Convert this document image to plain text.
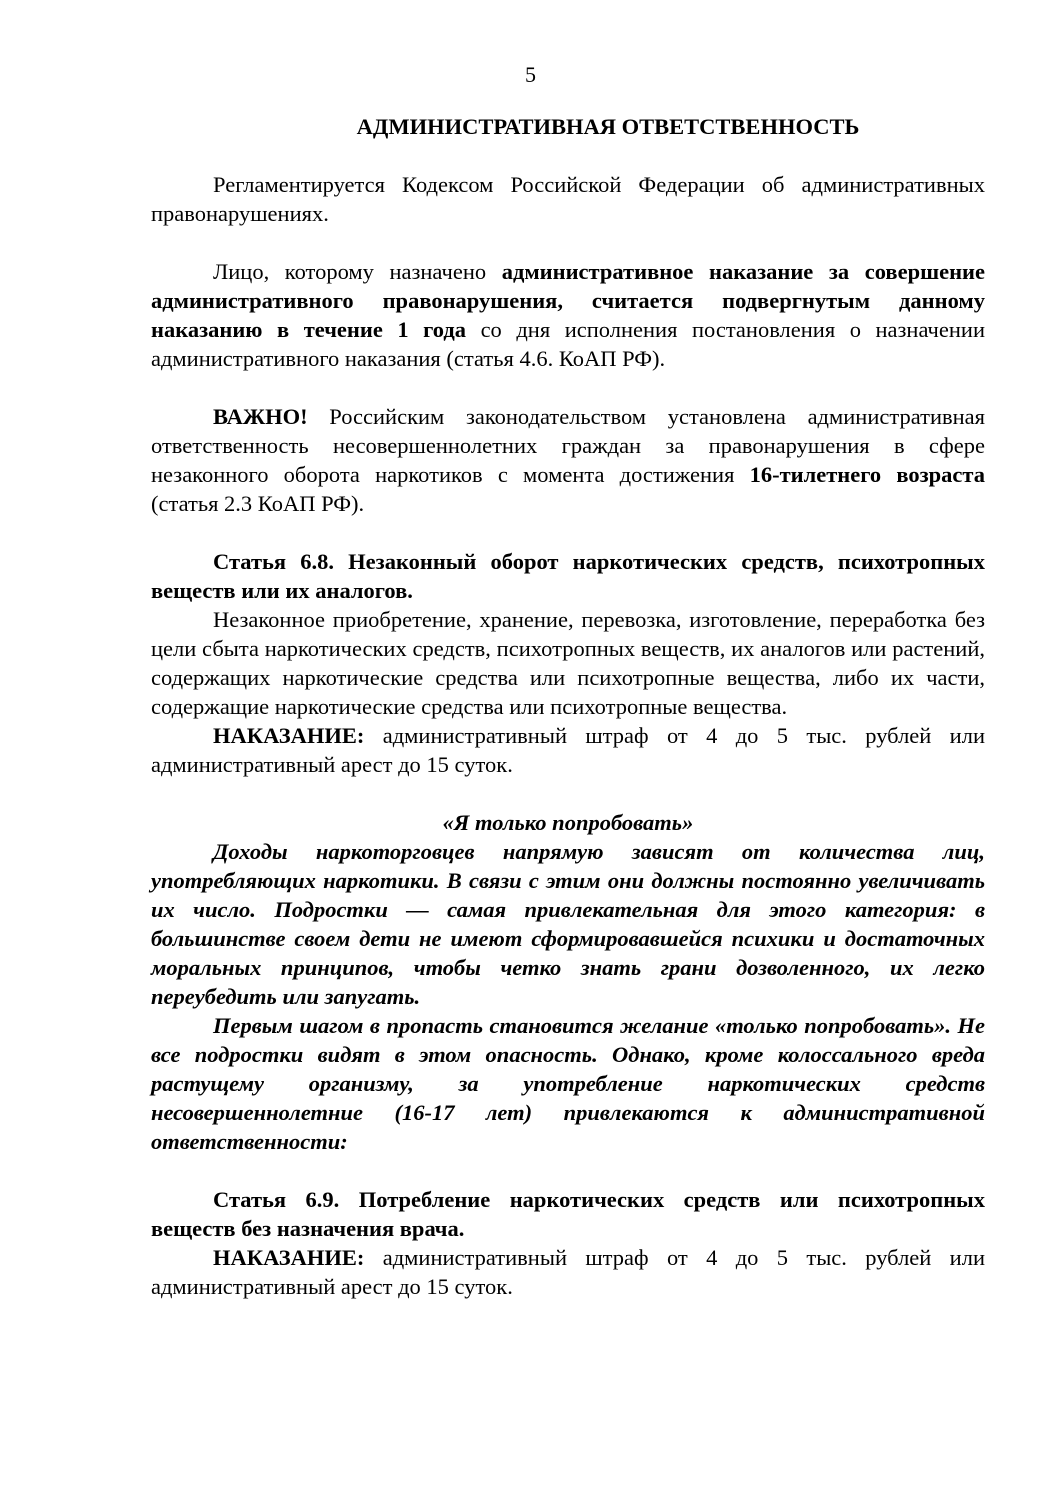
5
АДМИНИСТРАТИВНАЯ ОТВЕТСТВЕННОСТЬ

Регламентируется Кодексом Российской Федерации об административных правонарушениях.

Лицо, которому назначено административное наказание за совершение административного правонарушения, считается подвергнутым данному наказанию в течение 1 года со дня исполнения постановления о назначении административного наказания (статья 4.6. КоАП РФ).

ВАЖНО! Российским законодательством установлена административная ответственность несовершеннолетних граждан за правонарушения в сфере незаконного оборота наркотиков с момента достижения 16-тилетнего возраста (статья 2.3 КоАП РФ).

Статья 6.8. Незаконный оборот наркотических средств, психотропных веществ или их аналогов.

Незаконное приобретение, хранение, перевозка, изготовление, переработка без цели сбыта наркотических средств, психотропных веществ, их аналогов или растений, содержащих наркотические средства или психотропные вещества, либо их части, содержащие наркотические средства или психотропные вещества.

НАКАЗАНИЕ: административный штраф от 4 до 5 тыс. рублей или административный арест до 15 суток.

«Я только попробовать»

Доходы наркоторговцев напрямую зависят от количества лиц, употребляющих наркотики. В связи с этим они должны постоянно увеличивать их число. Подростки — самая привлекательная для этого категория: в большинстве своем дети не имеют сформировавшейся психики и достаточных моральных принципов, чтобы четко знать грани дозволенного, их легко переубедить или запугать.

Первым шагом в пропасть становится желание «только попробовать». Не все подростки видят в этом опасность. Однако, кроме колоссального вреда растущему организму, за употребление наркотических средств несовершеннолетние (16-17 лет) привлекаются к административной ответственности:

Статья 6.9. Потребление наркотических средств или психотропных веществ без назначения врача.

НАКАЗАНИЕ: административный штраф от 4 до 5 тыс. рублей или административный арест до 15 суток.
